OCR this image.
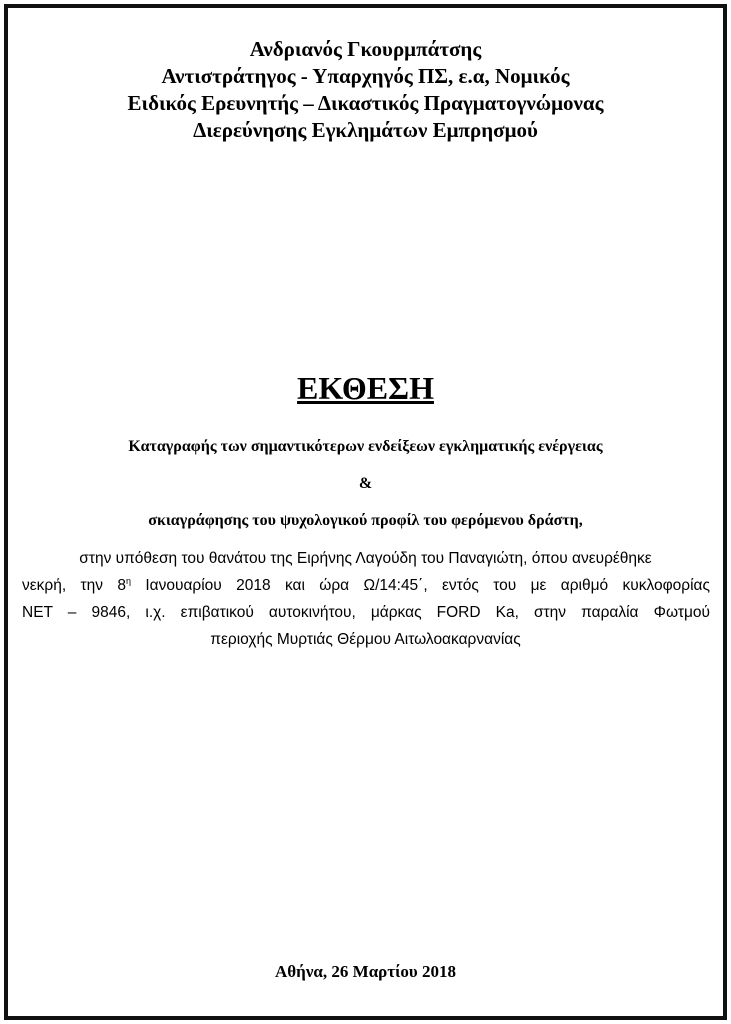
Ανδριανός Γκουρμπάτσης
Αντιστράτηγος - Υπαρχηγός ΠΣ, ε.α, Νομικός
Ειδικός Ερευνητής – Δικαστικός Πραγματογνώμονας
Διερεύνησης Εγκλημάτων Εμπρησμού
ΕΚΘΕΣΗ
Καταγραφής των σημαντικότερων ενδείξεων εγκληματικής ενέργειας
&
σκιαγράφησης του ψυχολογικού προφίλ του φερόμενου δράστη,
στην υπόθεση του θανάτου της Ειρήνης Λαγούδη του Παναγιώτη, όπου ανευρέθηκε
νεκρή, την $8^\eta$ Ιανουαρίου 2018 και ώρα Ω/14:45΄, εντός του με αριθμό κυκλοφορίας
ΝΕΤ – 9846, ι.χ. επιβατικού αυτοκινήτου, μάρκας FORD Ka, στην παραλία Φωτμού
περιοχής Μυρτιάς Θέρμου Αιτωλοακαρνανίας
Αθήνα, 26 Μαρτίου 2018
